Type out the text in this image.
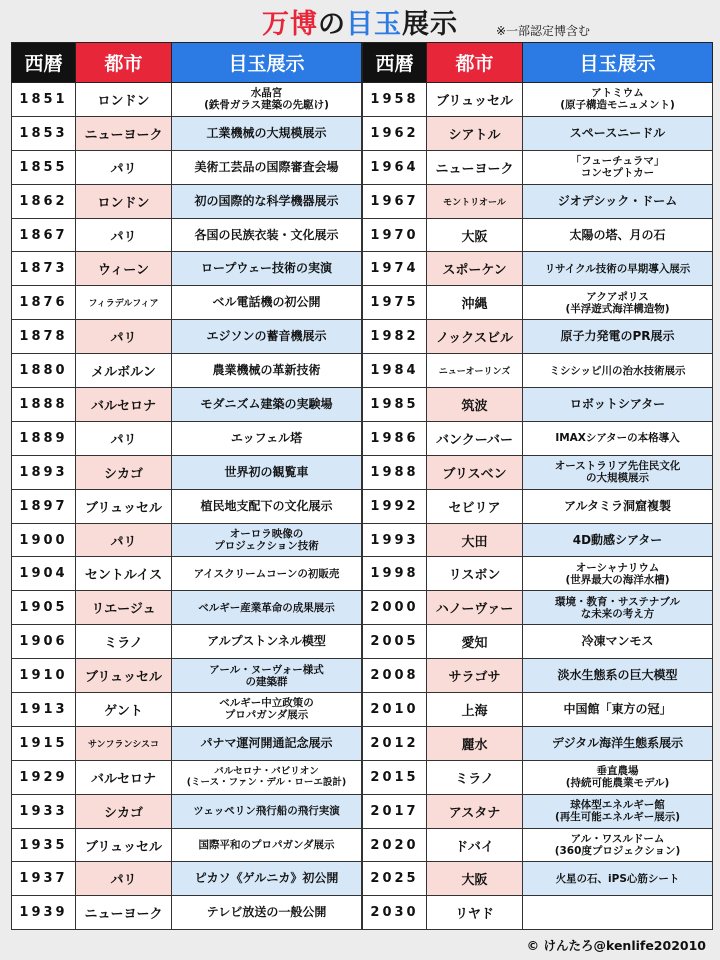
万博の目玉展示	※一部認定博含む
西暦	都市	目玉展示
1851	ロンドン	水晶宮
(鉄骨ガラス建築の先駆け)
1853	ニューヨーク	工業機械の大規模展示
1855	パリ	美術工芸品の国際審査会場
1862	ロンドン	初の国際的な科学機器展示
1867	パリ	各国の民族衣装・文化展示
1873	ウィーン	ロープウェー技術の実演
1876	フィラデルフィア	ベル電話機の初公開
1878	パリ	エジソンの蓄音機展示
1880	メルボルン	農業機械の革新技術
1888	バルセロナ	モダニズム建築の実験場
1889	パリ	エッフェル塔
1893	シカゴ	世界初の観覧車
1897	ブリュッセル	植民地支配下の文化展示
1900	パリ	オーロラ映像の
プロジェクション技術
1904	セントルイス	アイスクリームコーンの初販売
1905	リエージュ	ベルギー産業革命の成果展示
1906	ミラノ	アルプストンネル模型
1910	ブリュッセル	アール・ヌーヴォー様式
の建築群
1913	ゲント	ベルギー中立政策の
プロパガンダ展示
1915	サンフランシスコ	パナマ運河開通記念展示
1929	バルセロナ	バルセロナ・パビリオン
(ミース・ファン・デル・ローエ設計)
1933	シカゴ	ツェッペリン飛行船の飛行実演
1935	ブリュッセル	国際平和のプロパガンダ展示
1937	パリ	ピカソ《ゲルニカ》初公開
1939	ニューヨーク	テレビ放送の一般公開
西暦	都市	目玉展示
1958	ブリュッセル	アトミウム
(原子構造モニュメント)
1962	シアトル	スペースニードル
1964	ニューヨーク	「フューチュラマ」
コンセプトカー
1967	モントリオール	ジオデシック・ドーム
1970	大阪	太陽の塔、月の石
1974	スポーケン	リサイクル技術の早期導入展示
1975	沖縄	アクアポリス
(半浮遊式海洋構造物)
1982	ノックスビル	原子力発電のPR展示
1984	ニューオーリンズ	ミシシッピ川の治水技術展示
1985	筑波	ロボットシアター
1986	バンクーバー	IMAXシアターの本格導入
1988	ブリスベン	オーストラリア先住民文化
の大規模展示
1992	セビリア	アルタミラ洞窟複製
1993	大田	4D動感シアター
1998	リスボン	オーシャナリウム
(世界最大の海洋水槽)
2000	ハノーヴァー	環境・教育・サステナブル
な未来の考え方
2005	愛知	冷凍マンモス
2008	サラゴサ	淡水生態系の巨大模型
2010	上海	中国館「東方の冠」
2012	麗水	デジタル海洋生態系展示
2015	ミラノ	垂直農場
(持続可能農業モデル)
2017	アスタナ	球体型エネルギー館
(再生可能エネルギー展示)
2020	ドバイ	アル・ワスルドーム
(360度プロジェクション)
2025	大阪	火星の石、iPS心筋シート
2030	リヤド	
© けんたろ@kenlife202010
